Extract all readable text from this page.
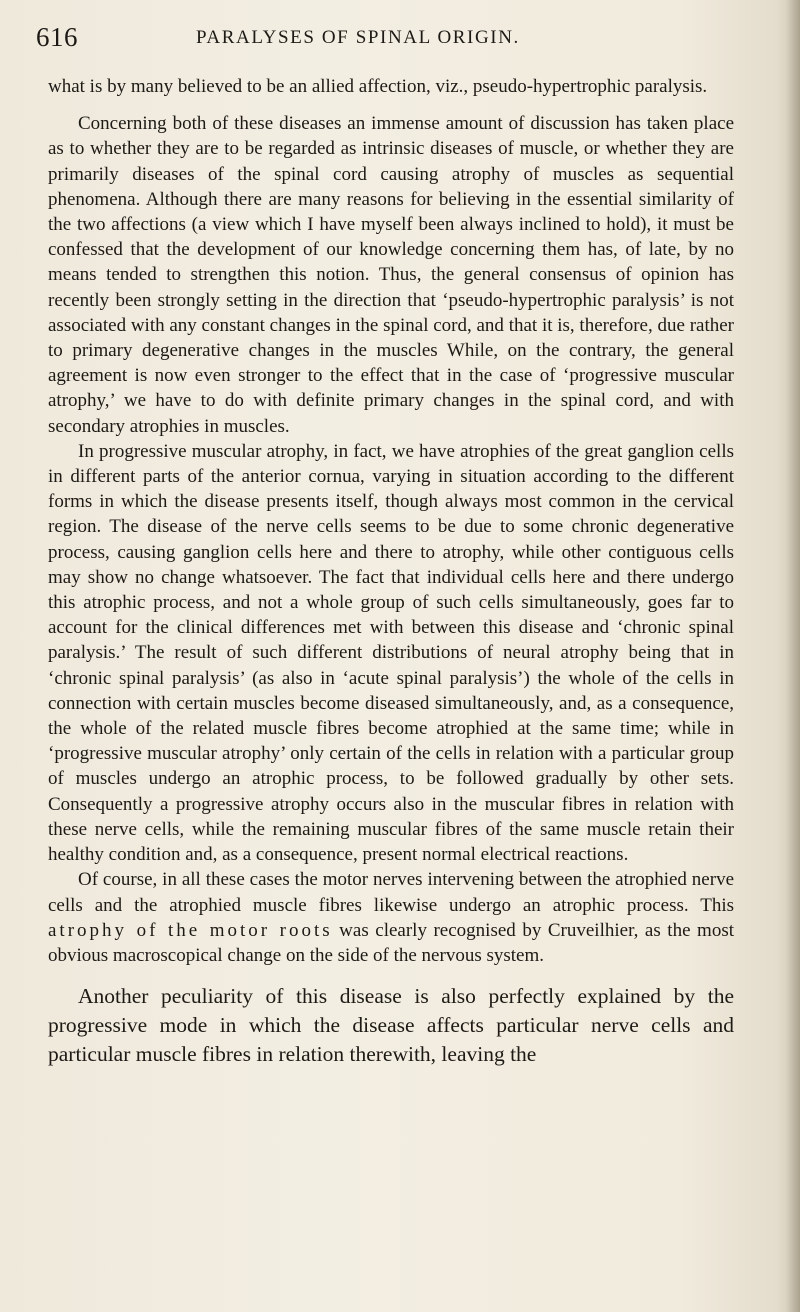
616	PARALYSES OF SPINAL ORIGIN.

what is by many believed to be an allied affection, viz., pseudo-hypertrophic paralysis.

Concerning both of these diseases an immense amount of discussion has taken place as to whether they are to be regarded as intrinsic diseases of muscle, or whether they are primarily diseases of the spinal cord causing atrophy of muscles as sequential phenomena. Although there are many reasons for believing in the essential similarity of the two affections (a view which I have myself been always inclined to hold), it must be confessed that the development of our knowledge concerning them has, of late, by no means tended to strengthen this notion. Thus, the general consensus of opinion has recently been strongly setting in the direction that ‘pseudo-hypertrophic paralysis’ is not associated with any constant changes in the spinal cord, and that it is, therefore, due rather to primary degenerative changes in the muscles While, on the contrary, the general agreement is now even stronger to the effect that in the case of ‘progressive muscular atrophy,’ we have to do with definite primary changes in the spinal cord, and with secondary atrophies in muscles.

In progressive muscular atrophy, in fact, we have atrophies of the great ganglion cells in different parts of the anterior cornua, varying in situation according to the different forms in which the disease presents itself, though always most common in the cervical region. The disease of the nerve cells seems to be due to some chronic degenerative process, causing ganglion cells here and there to atrophy, while other contiguous cells may show no change whatsoever. The fact that individual cells here and there undergo this atrophic process, and not a whole group of such cells simultaneously, goes far to account for the clinical differences met with between this disease and ‘chronic spinal paralysis.’ The result of such different distributions of neural atrophy being that in ‘chronic spinal paralysis’ (as also in ‘acute spinal paralysis’) the whole of the cells in connection with certain muscles become diseased simultaneously, and, as a consequence, the whole of the related muscle fibres become atrophied at the same time; while in ‘progressive muscular atrophy’ only certain of the cells in relation with a particular group of muscles undergo an atrophic process, to be followed gradually by other sets. Consequently a progressive atrophy occurs also in the muscular fibres in relation with these nerve cells, while the remaining muscular fibres of the same muscle retain their healthy condition and, as a consequence, present normal electrical reactions.

Of course, in all these cases the motor nerves intervening between the atrophied nerve cells and the atrophied muscle fibres likewise undergo an atrophic process. This atrophy of the motor roots was clearly recognised by Cruveilhier, as the most obvious macroscopical change on the side of the nervous system.

Another peculiarity of this disease is also perfectly explained by the progressive mode in which the disease affects particular nerve cells and particular muscle fibres in relation therewith, leaving the
